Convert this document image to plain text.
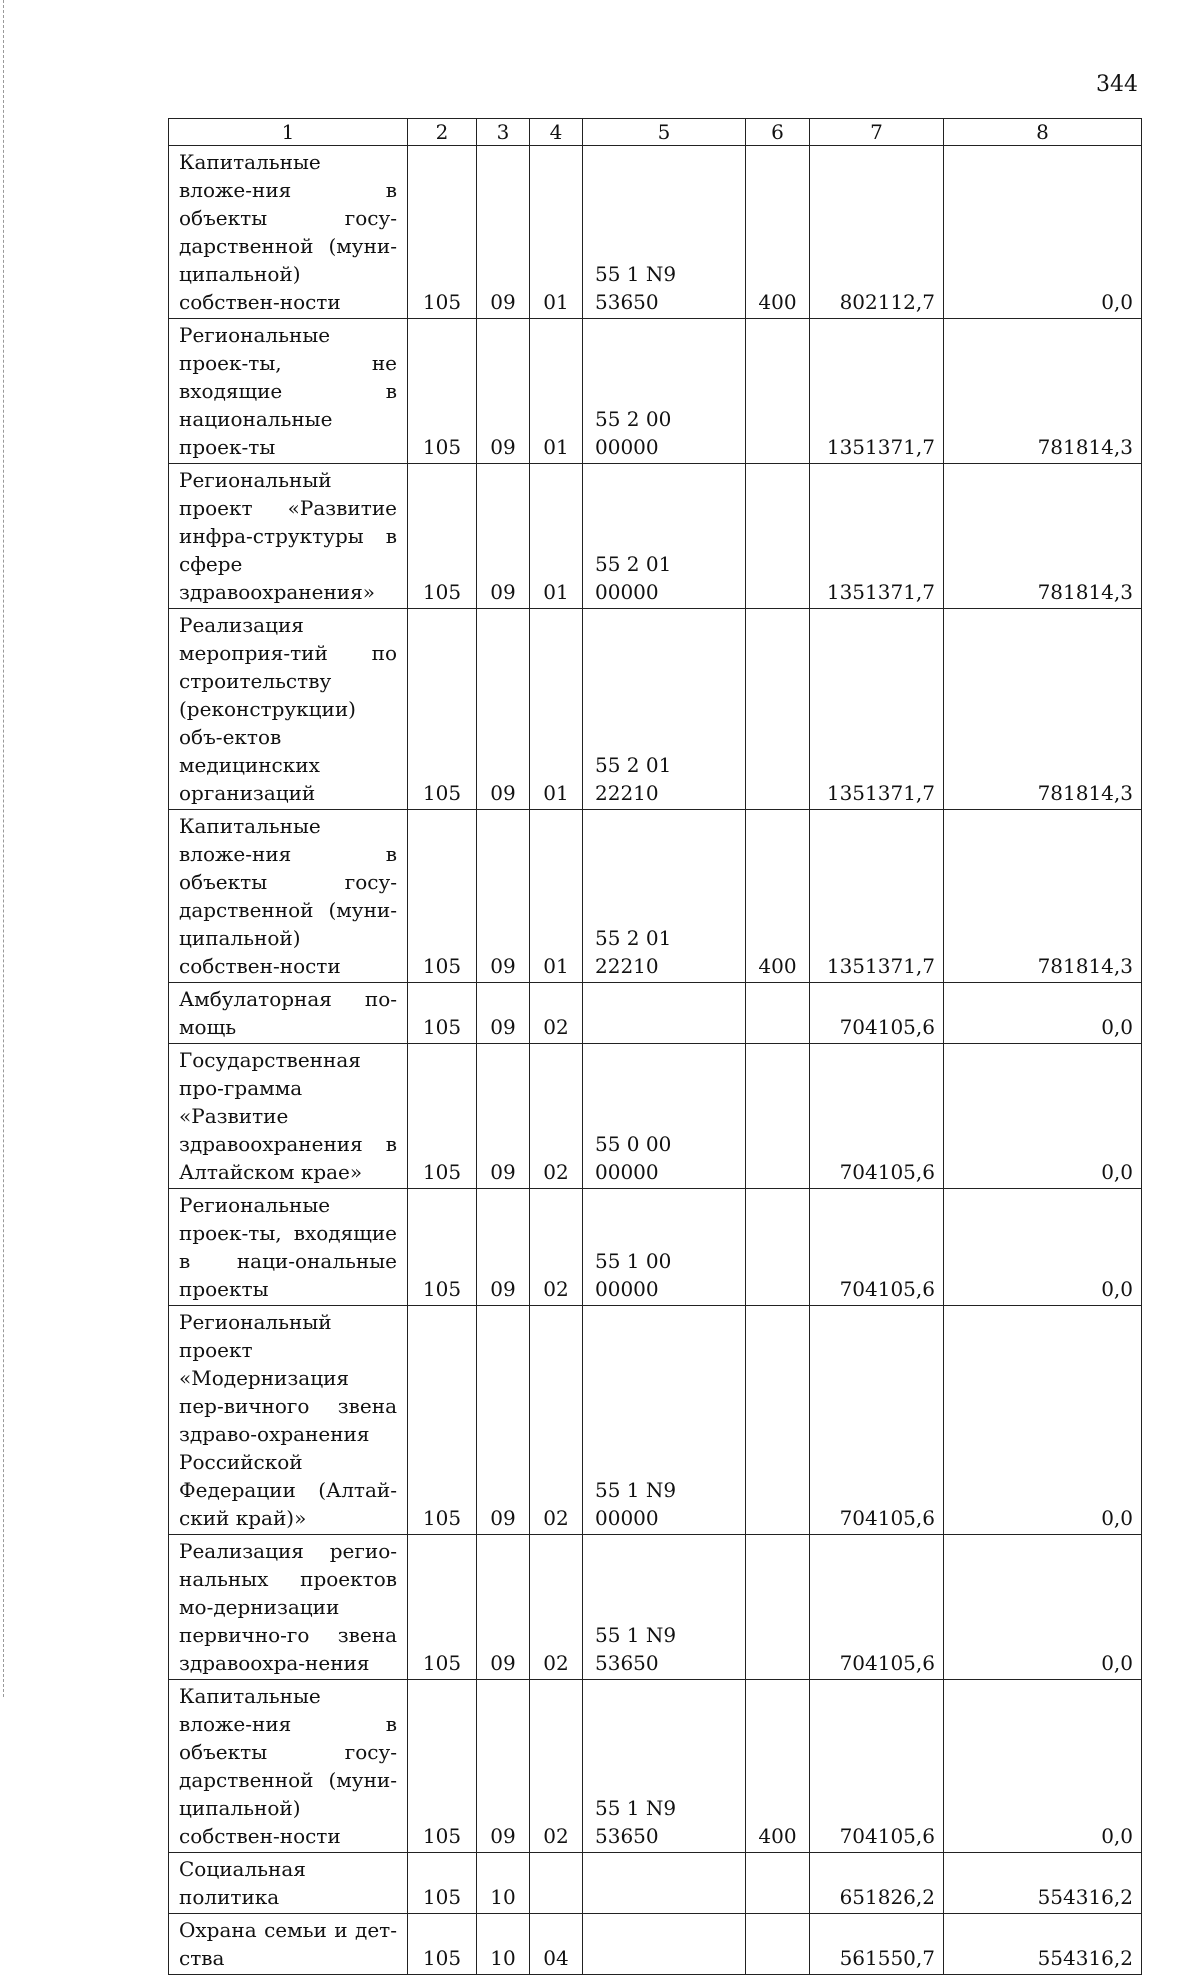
344
1	2	3	4	5	6	7	8
Капитальные вложе-ния в объекты госу-дарственной (муни-ципальной) собствен-ности	105	09	01	55 1 N9 53650	400	802112,7	0,0
Региональные проек-ты, не входящие в национальные проек-ты	105	09	01	55 2 00 00000		1351371,7	781814,3
Региональный проект «Развитие инфра-структуры в сфере здравоохранения»	105	09	01	55 2 01 00000		1351371,7	781814,3
Реализация мероприя-тий по строительству (реконструкции) объ-ектов медицинских организаций	105	09	01	55 2 01 22210		1351371,7	781814,3
Капитальные вложе-ния в объекты госу-дарственной (муни-ципальной) собствен-ности	105	09	01	55 2 01 22210	400	1351371,7	781814,3
Амбулаторная по-мощь	105	09	02			704105,6	0,0
Государственная про-грамма «Развитие здравоохранения в Алтайском крае»	105	09	02	55 0 00 00000		704105,6	0,0
Региональные проек-ты, входящие в наци-ональные проекты	105	09	02	55 1 00 00000		704105,6	0,0
Региональный проект «Модернизация пер-вичного звена здраво-охранения Российской Федерации (Алтай-ский край)»	105	09	02	55 1 N9 00000		704105,6	0,0
Реализация регио-нальных проектов мо-дернизации первично-го звена здравоохра-нения	105	09	02	55 1 N9 53650		704105,6	0,0
Капитальные вложе-ния в объекты госу-дарственной (муни-ципальной) собствен-ности	105	09	02	55 1 N9 53650	400	704105,6	0,0
Социальная политика	105	10				651826,2	554316,2
Охрана семьи и дет-ства	105	10	04			561550,7	554316,2
